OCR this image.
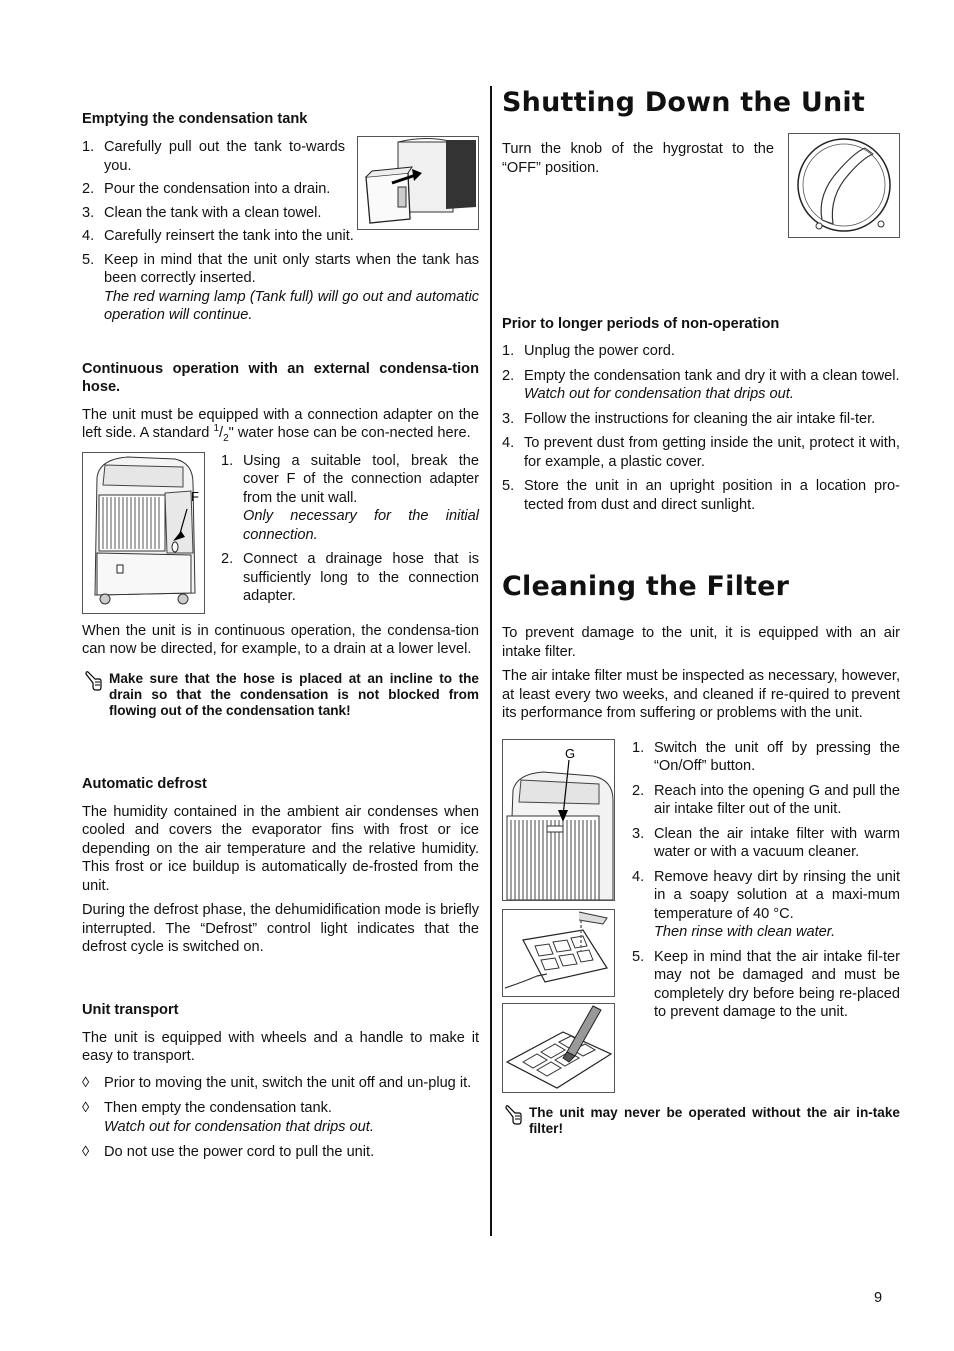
Emptying the condensation tank
1. Carefully pull out the tank to-wards you.
2. Pour the condensation into a drain.
3. Clean the tank with a clean towel.
4. Carefully reinsert the tank into the unit.
5. Keep in mind that the unit only starts when the tank has been correctly inserted.
The red warning lamp (Tank full) will go out and automatic operation will continue.
Continuous operation with an external condensa-tion hose.

The unit must be equipped with a connection adapter on the left side. A standard $^1/_2$" water hose can be con-nected here.

F
1. Using a suitable tool, break the cover F of the connection adapter from the unit wall.
Only necessary for the initial connection.
2. Connect a drainage hose that is sufficiently long to the connection adapter.

When the unit is in continuous operation, the condensa-tion can now be directed, for example, to a drain at a lower level.

Make sure that the hose is placed at an incline to the drain so that the condensation is not blocked from flowing out of the condensation tank!
Automatic defrost

The humidity contained in the ambient air condenses when cooled and covers the evaporator fins with frost or ice depending on the air temperature and the relative humidity. This frost or ice buildup is automatically de-frosted from the unit.

During the defrost phase, the dehumidification mode is briefly interrupted. The “Defrost” control light indicates that the defrost cycle is switched on.

Unit transport

The unit is equipped with wheels and a handle to make it easy to transport.

◊ Prior to moving the unit, switch the unit off and un-plug it.
◊ Then empty the condensation tank.
Watch out for condensation that drips out.
◊ Do not use the power cord to pull the unit.
Shutting Down the Unit

Turn the knob of the hygrostat to the “OFF” position.

Prior to longer periods of non-operation
1. Unplug the power cord.
2. Empty the condensation tank and dry it with a clean towel.
Watch out for condensation that drips out.
3. Follow the instructions for cleaning the air intake fil-ter.
4. To prevent dust from getting inside the unit, protect it with, for example, a plastic cover.
5. Store the unit in an upright position in a location pro-tected from dust and direct sunlight.
Cleaning the Filter

To prevent damage to the unit, it is equipped with an air intake filter.

The air intake filter must be inspected as necessary, however, at least every two weeks, and cleaned if re-quired to prevent its performance from suffering or problems with the unit.

G	1. Switch the unit off by pressing the “On/Off” button.
2. Reach into the opening G and pull the air intake filter out of the unit.
3. Clean the air intake filter with warm water or with a vacuum cleaner.
4. Remove heavy dirt by rinsing the unit in a soapy solution at a maxi-mum temperature of 40 °C.
Then rinse with clean water.
5. Keep in mind that the air intake fil-ter may not be damaged and must be completely dry before being re-placed to prevent damage to the unit.
The unit may never be operated without the air in-take filter!
9
